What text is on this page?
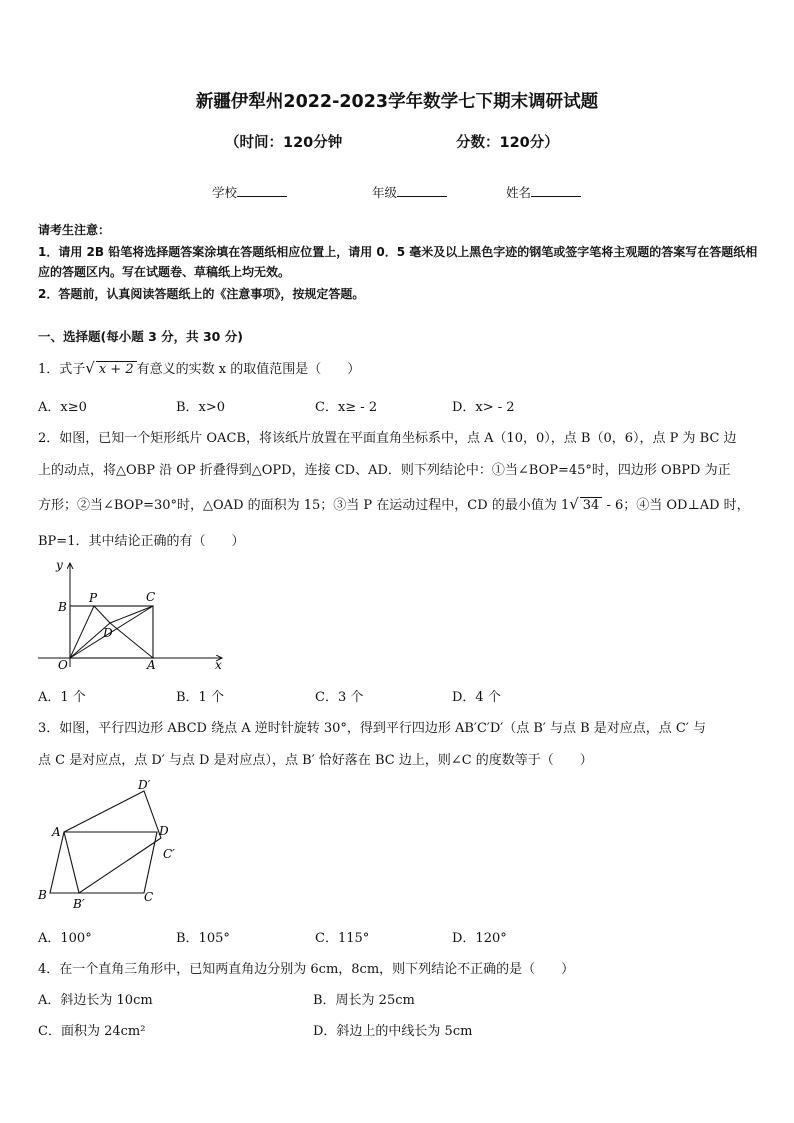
新疆伊犁州2022-2023学年数学七下期末调研试题
（时间：120分钟	分数：120分）
学校	年级	姓名
请考生注意：
1．请用 2B 铅笔将选择题答案涂填在答题纸相应位置上，请用 0．5 毫米及以上黑色字迹的钢笔或签字笔将主观题的答案写在答题纸相应的答题区内。写在试题卷、草稿纸上均无效。
2．答题前，认真阅读答题纸上的《注意事项》，按规定答题。
一、选择题(每小题 3 分，共 30 分)
1．式子√ x + 2 有意义的实数 x 的取值范围是（　　）
A．x≥0	B．x>0	C．x≥ - 2	D．x> - 2
2．如图，已知一个矩形纸片 OACB，将该纸片放置在平面直角坐标系中，点 A（10，0），点 B（0，6），点 P 为 BC 边
上的动点，将△OBP 沿 OP 折叠得到△OPD，连接 CD、AD．则下列结论中：①当∠BOP=45°时，四边形 OBPD 为正
方形；②当∠BOP=30°时，△OAD 的面积为 15；③当 P 在运动过程中，CD 的最小值为 1√ 34 - 6；④当 OD⊥AD 时，
BP=1．其中结论正确的有（　　）
y
x
O	A
B
C
P
D
A．1 个	B．1 个	C．3 个	D．4 个
3．如图，平行四边形 ABCD 绕点 A 逆时针旋转 30°，得到平行四边形 AB′C′D′（点 B′ 与点 B 是对应点，点 C′ 与
点 C 是对应点，点 D′ 与点 D 是对应点），点 B′ 恰好落在 BC 边上，则∠C 的度数等于（　　）
A
B	C
D
B′
C′
D′
A．100°	B．105°	C．115°	D．120°
4．在一个直角三角形中，已知两直角边分别为 6cm，8cm，则下列结论不正确的是（　　）
A．斜边长为 10cm	B．周长为 25cm
C．面积为 24cm²	D．斜边上的中线长为 5cm
